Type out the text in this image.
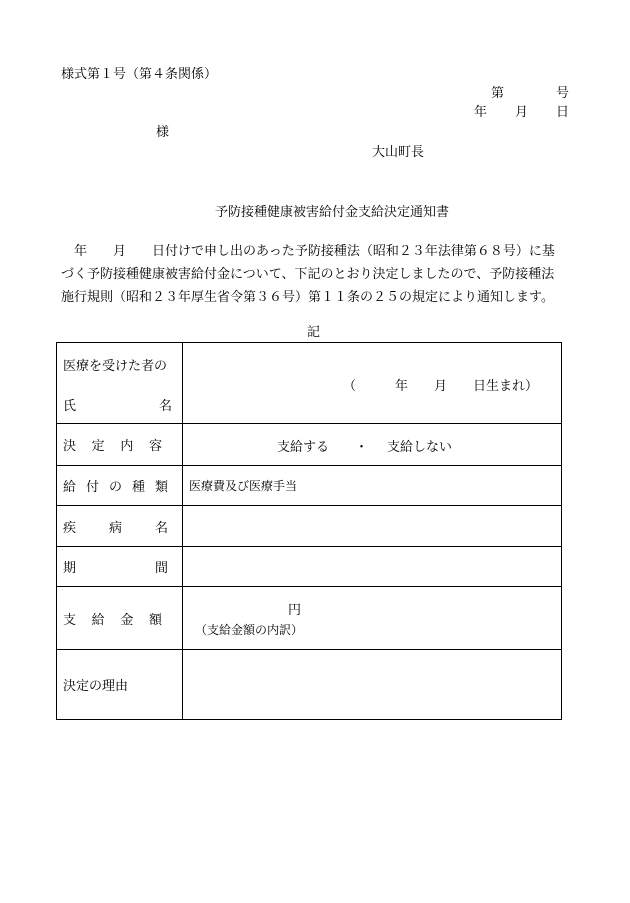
様式第１号（第４条関係）
第	号
年 月 日
様
大山町長
予防接種健康被害給付金支給決定通知書
　年　　月　　日付けで申し出のあった予防接種法（昭和２３年法律第６８号）に基
づく予防接種健康被害給付金について、下記のとおり決定しましたので、予防接種法
施行規則（昭和２３年厚生省令第３６号）第１１条の２５の規定により通知します。
記
医療を受けた者の
氏 名	（　　　年　　月　　日生まれ）

決 定 内 容	支給する ・ 支給しない

給 付 の 種 類	医療費及び医療手当

疾 病 名	

期 間	

支 給 金 額	円
（支給金額の内訳）

決定の理由	
